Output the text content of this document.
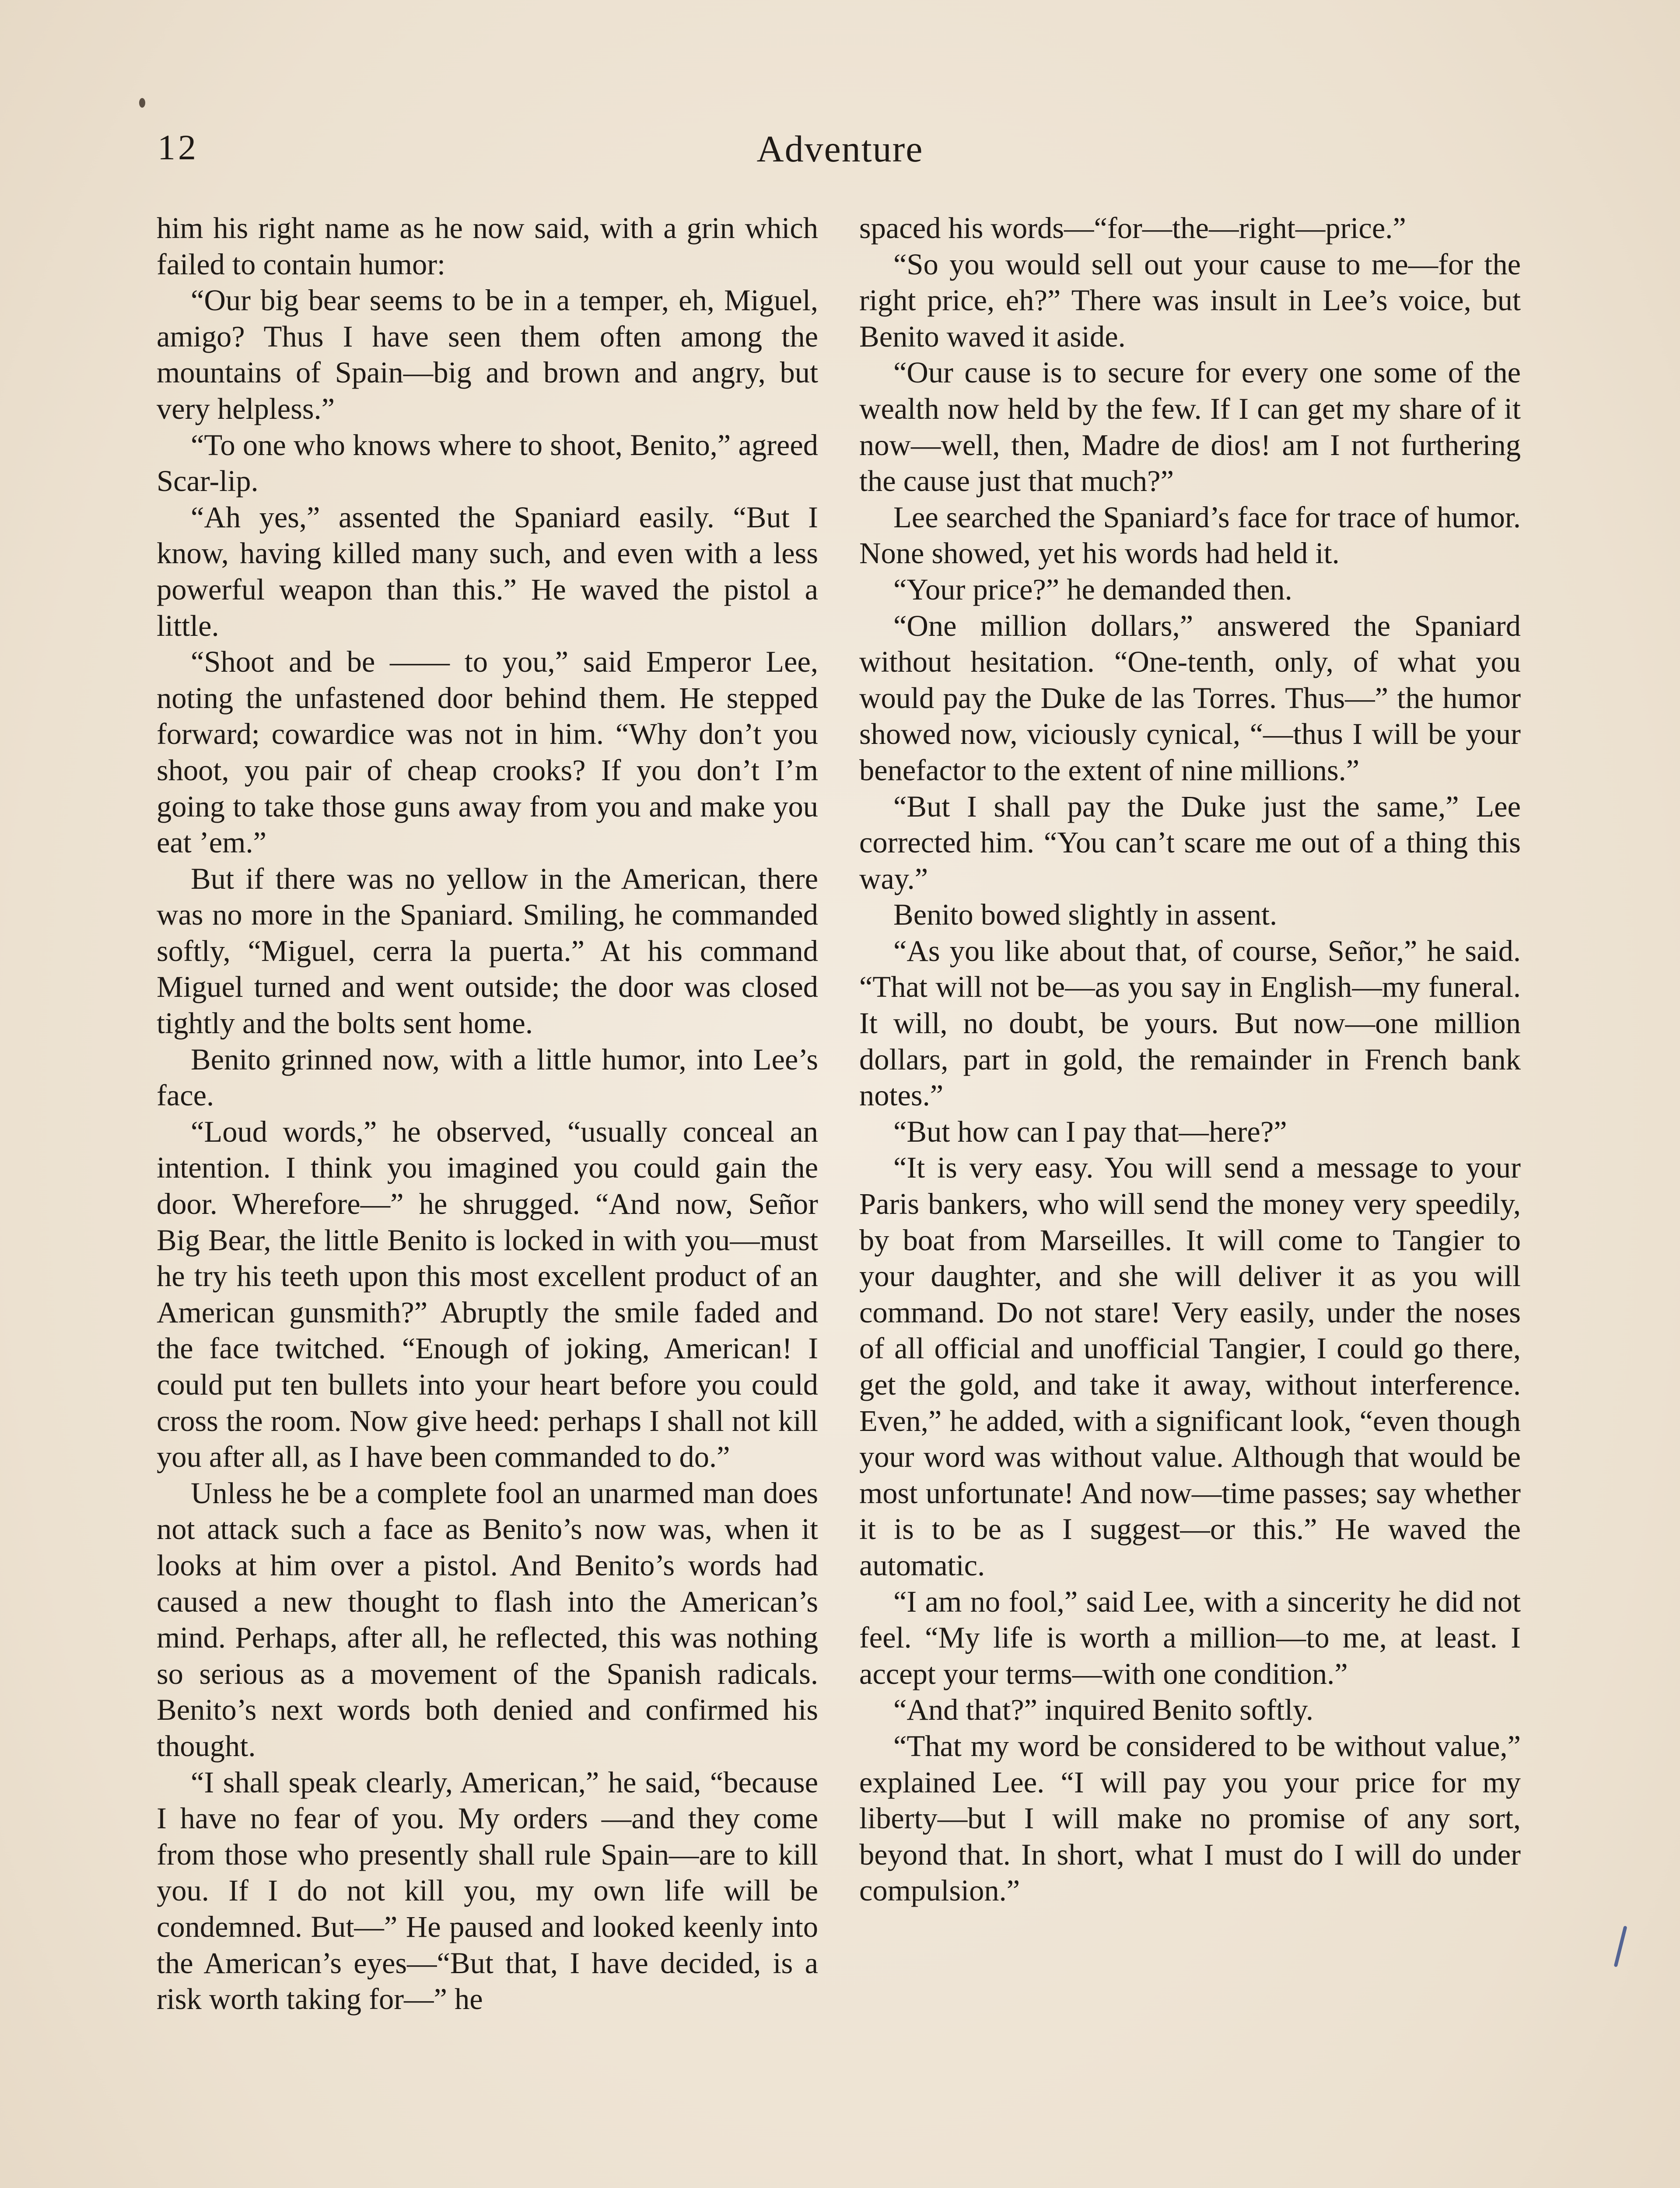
12	Adventure

him his right name as he now said, with a grin which failed to contain humor:

“Our big bear seems to be in a temper, eh, Miguel, amigo? Thus I have seen them often among the mountains of Spain—big and brown and angry, but very helpless.”

“To one who knows where to shoot, Benito,” agreed Scar-lip.

“Ah yes,” assented the Spaniard easily. “But I know, having killed many such, and even with a less powerful weapon than this.” He waved the pistol a little.

“Shoot and be —— to you,” said Emperor Lee, noting the unfastened door behind them. He stepped forward; cowardice was not in him. “Why don’t you shoot, you pair of cheap crooks? If you don’t I’m going to take those guns away from you and make you eat ’em.”

But if there was no yellow in the American, there was no more in the Spaniard. Smiling, he commanded softly, “Miguel, cerra la puerta.” At his command Miguel turned and went outside; the door was closed tightly and the bolts sent home.

Benito grinned now, with a little humor, into Lee’s face.

“Loud words,” he observed, “usually conceal an intention. I think you imagined you could gain the door. Wherefore—” he shrugged. “And now, Señor Big Bear, the little Benito is locked in with you—must he try his teeth upon this most excellent product of an American gunsmith?” Abruptly the smile faded and the face twitched. “Enough of joking, American! I could put ten bullets into your heart before you could cross the room. Now give heed: perhaps I shall not kill you after all, as I have been commanded to do.”

Unless he be a complete fool an unarmed man does not attack such a face as Benito’s now was, when it looks at him over a pistol. And Benito’s words had caused a new thought to flash into the American’s mind. Perhaps, after all, he reflected, this was nothing so serious as a movement of the Spanish radicals. Benito’s next words both denied and confirmed his thought.

“I shall speak clearly, American,” he said, “because I have no fear of you. My orders —and they come from those who presently shall rule Spain—are to kill you. If I do not kill you, my own life will be condemned. But—” He paused and looked keenly into the American’s eyes—“But that, I have decided, is a risk worth taking for—” he

spaced his words—“for—the—right—price.”

“So you would sell out your cause to me—for the right price, eh?” There was insult in Lee’s voice, but Benito waved it aside.

“Our cause is to secure for every one some of the wealth now held by the few. If I can get my share of it now—well, then, Madre de dios! am I not furthering the cause just that much?”

Lee searched the Spaniard’s face for trace of humor. None showed, yet his words had held it.

“Your price?” he demanded then.

“One million dollars,” answered the Spaniard without hesitation. “One-tenth, only, of what you would pay the Duke de las Torres. Thus—” the humor showed now, viciously cynical, “—thus I will be your benefactor to the extent of nine millions.”

“But I shall pay the Duke just the same,” Lee corrected him. “You can’t scare me out of a thing this way.”

Benito bowed slightly in assent.

“As you like about that, of course, Señor,” he said. “That will not be—as you say in English—my funeral. It will, no doubt, be yours. But now—one million dollars, part in gold, the remainder in French bank notes.”

“But how can I pay that—here?”

“It is very easy. You will send a message to your Paris bankers, who will send the money very speedily, by boat from Marseilles. It will come to Tangier to your daughter, and she will deliver it as you will command. Do not stare! Very easily, under the noses of all official and unofficial Tangier, I could go there, get the gold, and take it away, without interference. Even,” he added, with a significant look, “even though your word was without value. Although that would be most unfortunate! And now—time passes; say whether it is to be as I suggest—or this.” He waved the automatic.

“I am no fool,” said Lee, with a sincerity he did not feel. “My life is worth a million—to me, at least. I accept your terms—with one condition.”

“And that?” inquired Benito softly.

“That my word be considered to be without value,” explained Lee. “I will pay you your price for my liberty—but I will make no promise of any sort, beyond that. In short, what I must do I will do under compulsion.”
